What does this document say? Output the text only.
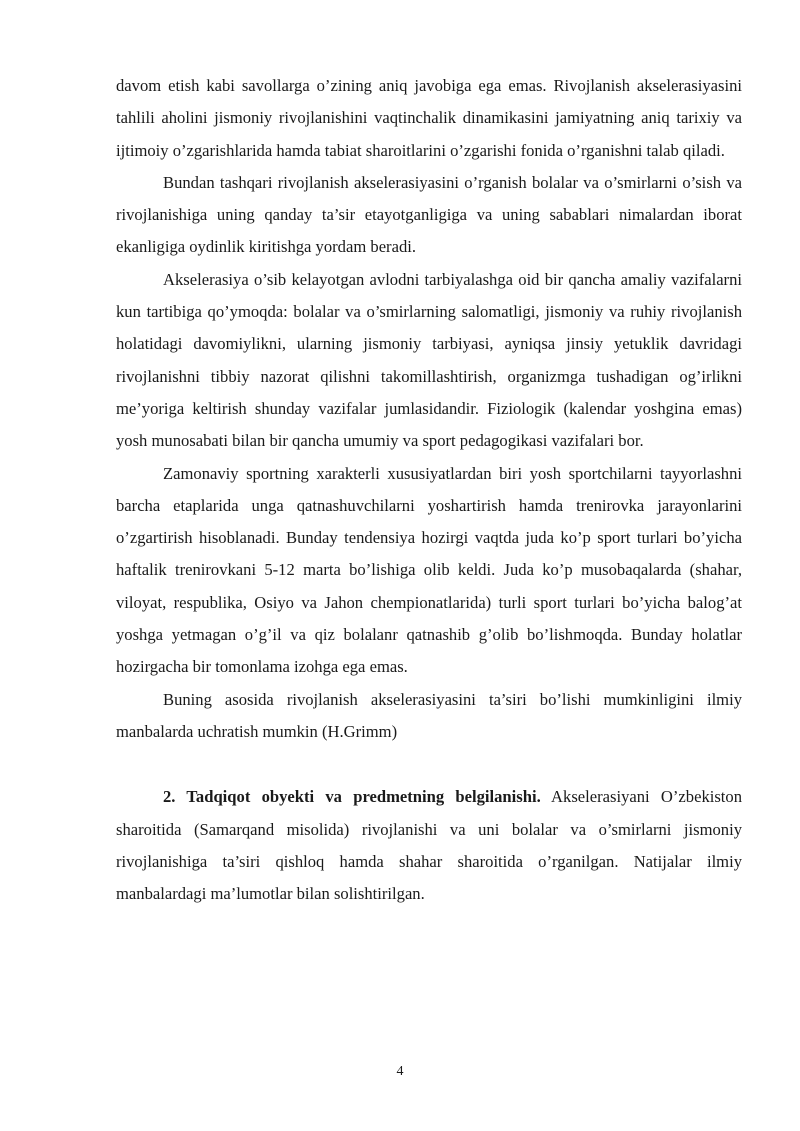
davom etish kabi savollarga o’zining aniq javobiga ega emas. Rivojlanish akselerasiyasini tahlili aholini jismoniy rivojlanishini vaqtinchalik dinamikasini jamiyatning aniq tarixiy va ijtimoiy o’zgarishlarida hamda tabiat sharoitlarini o’zgarishi fonida o’rganishni talab qiladi.

Bundan tashqari rivojlanish akselerasiyasini o’rganish bolalar va o’smirlarni o’sish va rivojlanishiga uning qanday ta’sir etayotganligiga va uning sabablari nimalardan iborat ekanligiga oydinlik kiritishga yordam beradi.

Akselerasiya o’sib kelayotgan avlodni tarbiyalashga oid bir qancha amaliy vazifalarni kun tartibiga qo’ymoqda: bolalar va o’smirlarning salomatligi, jismoniy va ruhiy rivojlanish holatidagi davomiylikni, ularning jismoniy tarbiyasi, ayniqsa jinsiy yetuklik davridagi rivojlanishni tibbiy nazorat qilishni takomillashtirish, organizmga tushadigan og’irlikni me’yoriga keltirish shunday vazifalar jumlasidandir. Fiziologik (kalendar yoshgina emas) yosh munosabati bilan bir qancha umumiy va sport pedagogikasi vazifalari bor.

Zamonaviy sportning xarakterli xususiyatlardan biri yosh sportchilarni tayyorlashni barcha etaplarida unga qatnashuvchilarni yoshartirish hamda trenirovka jarayonlarini o’zgartirish hisoblanadi. Bunday tendensiya hozirgi vaqtda juda ko’p sport turlari bo’yicha haftalik trenirovkani 5-12 marta bo’lishiga olib keldi. Juda ko’p musobaqalarda (shahar, viloyat, respublika, Osiyo va Jahon chempionatlarida) turli sport turlari bo’yicha balog’at yoshga yetmagan o’g’il va qiz bolalanr qatnashib g’olib bo’lishmoqda. Bunday holatlar hozirgacha bir tomonlama izohga ega emas.

Buning asosida rivojlanish akselerasiyasini ta’siri bo’lishi mumkinligini ilmiy manbalarda uchratish mumkin (H.Grimm)

2. Tadqiqot obyekti va predmetning belgilanishi. Akselerasiyani O’zbekiston sharoitida (Samarqand misolida) rivojlanishi va uni bolalar va o’smirlarni jismoniy rivojlanishiga ta’siri qishloq hamda shahar sharoitida o’rganilgan. Natijalar ilmiy manbalardagi ma’lumotlar bilan solishtirilgan.

4
